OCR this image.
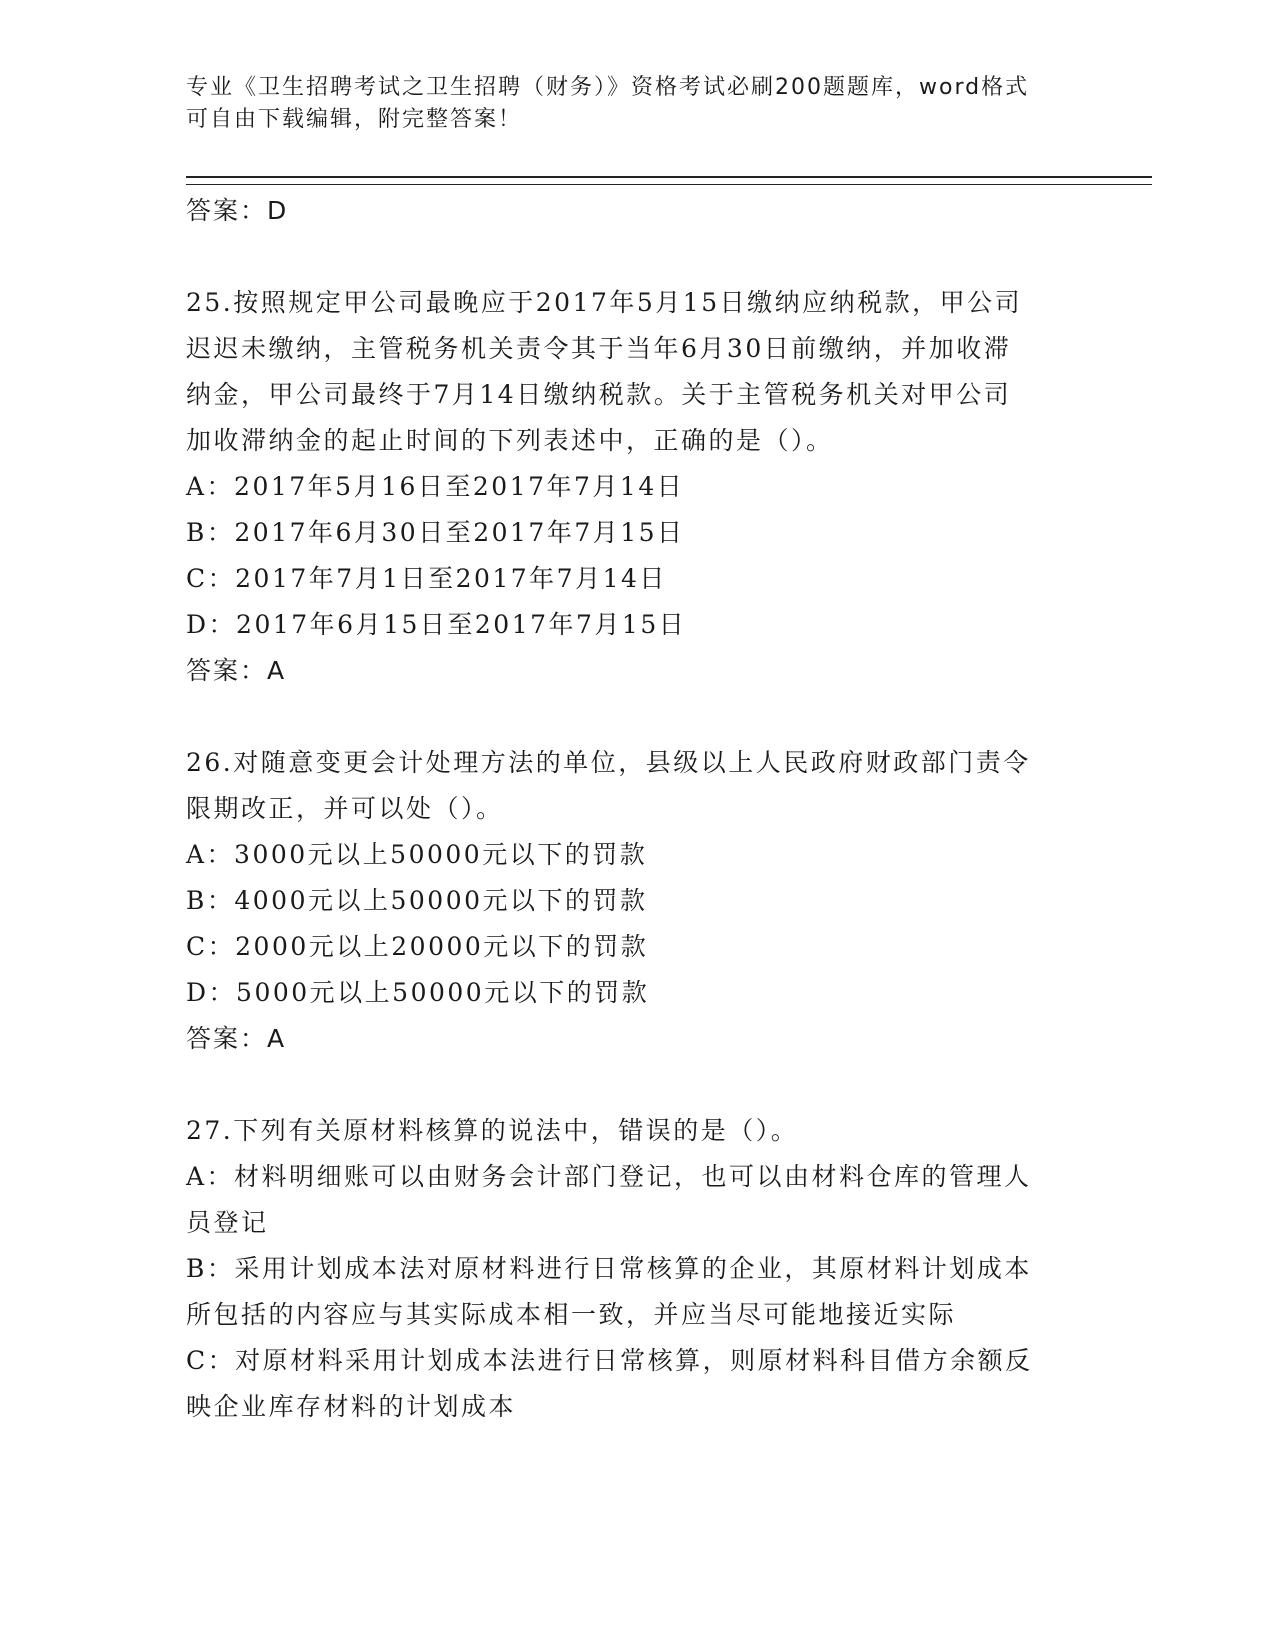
专业《卫生招聘考试之卫生招聘（财务）》资格考试必刷200题题库，word格式
可自由下载编辑，附完整答案！
答案：D
25.按照规定甲公司最晚应于2017年5月15日缴纳应纳税款，甲公司
迟迟未缴纳，主管税务机关责令其于当年6月30日前缴纳，并加收滞
纳金，甲公司最终于7月14日缴纳税款。关于主管税务机关对甲公司
加收滞纳金的起止时间的下列表述中，正确的是（）。
A：2017年5月16日至2017年7月14日
B：2017年6月30日至2017年7月15日
C：2017年7月1日至2017年7月14日
D：2017年6月15日至2017年7月15日
答案：A
26.对随意变更会计处理方法的单位，县级以上人民政府财政部门责令
限期改正，并可以处（）。
A：3000元以上50000元以下的罚款
B：4000元以上50000元以下的罚款
C：2000元以上20000元以下的罚款
D：5000元以上50000元以下的罚款
答案：A
27.下列有关原材料核算的说法中，错误的是（）。
A：材料明细账可以由财务会计部门登记，也可以由材料仓库的管理人
员登记
B：采用计划成本法对原材料进行日常核算的企业，其原材料计划成本
所包括的内容应与其实际成本相一致，并应当尽可能地接近实际
C：对原材料采用计划成本法进行日常核算，则原材料科目借方余额反
映企业库存材料的计划成本
